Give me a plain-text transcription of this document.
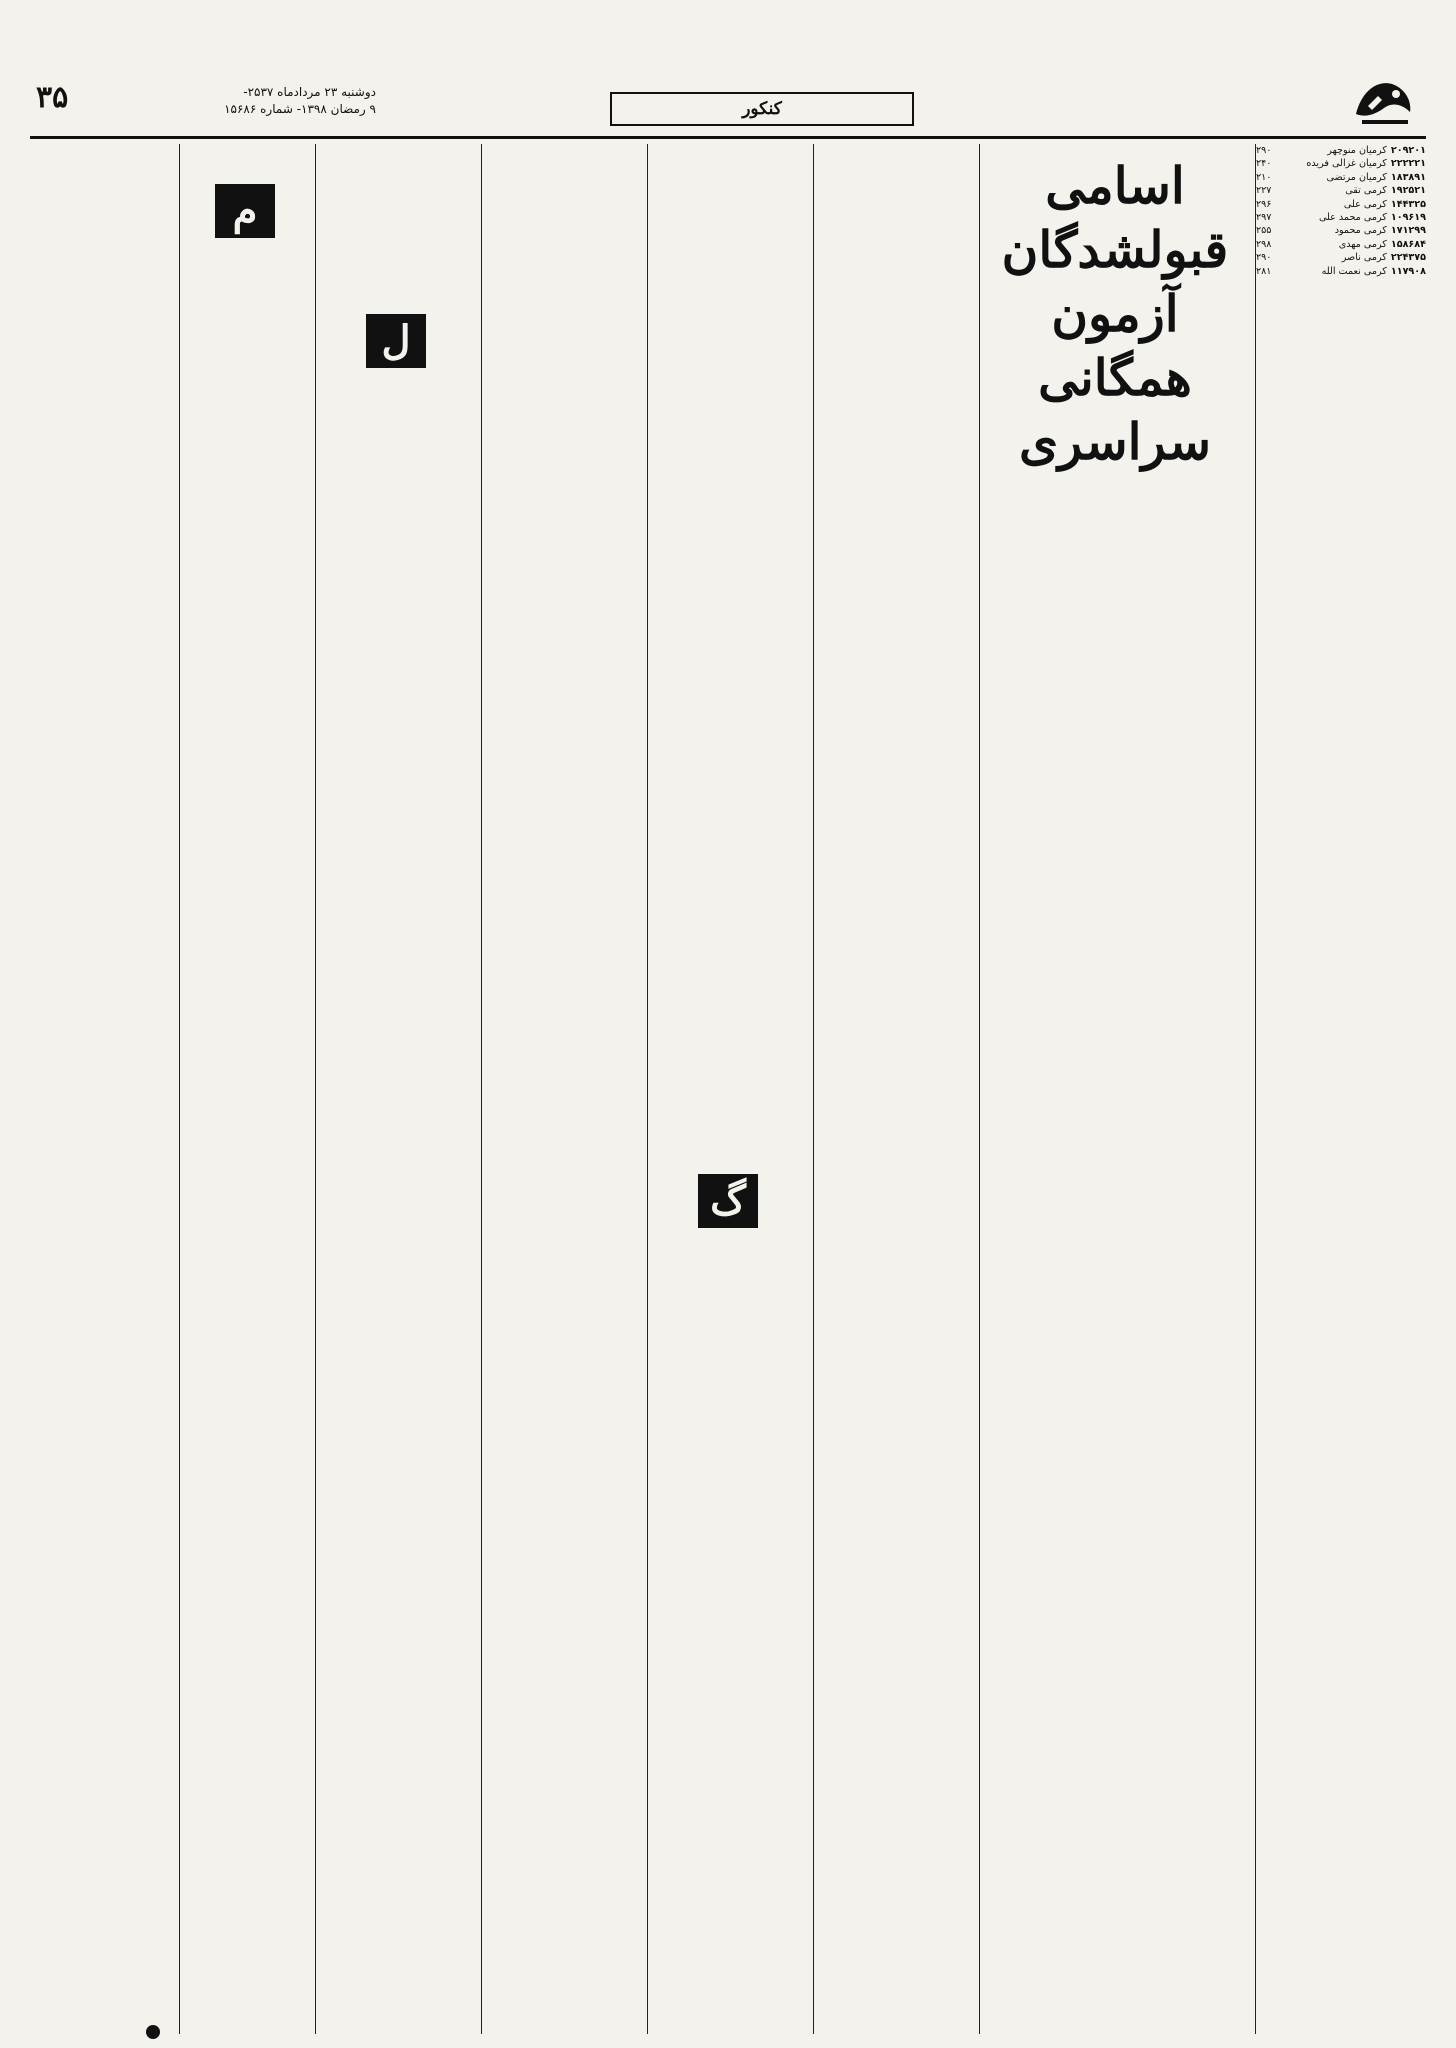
کنکور
دوشنبه ۲۳ مردادماه ۲۵۳۷-
۹ رمضان ۱۳۹۸- شماره ۱۵۶۸۶
۳۵
۲۹۰	۲۰۹۲۰۱کرمیان منوچهر
۲۴۰	۲۲۲۲۲۱کرمیان غزالی فریده
۲۱۰	۱۸۳۸۹۱کرمیان مرتضی
۲۲۷	۱۹۲۵۲۱کرمی تقی
۲۹۶	۱۴۴۳۲۵کرمی علی
۲۹۷	۱۰۹۶۱۹کرمی محمد علی
۲۵۵	۱۷۱۲۹۹کرمی محمود
۲۹۸	۱۵۸۶۸۴کرمی مهدی
۲۹۰	۲۲۴۳۷۵کرمی ناصر
۲۸۱	۱۱۷۹۰۸کرمی نعمت الله
اسامی قبولشدگان
آزمون همگانی سراسری
گ
ل
م
